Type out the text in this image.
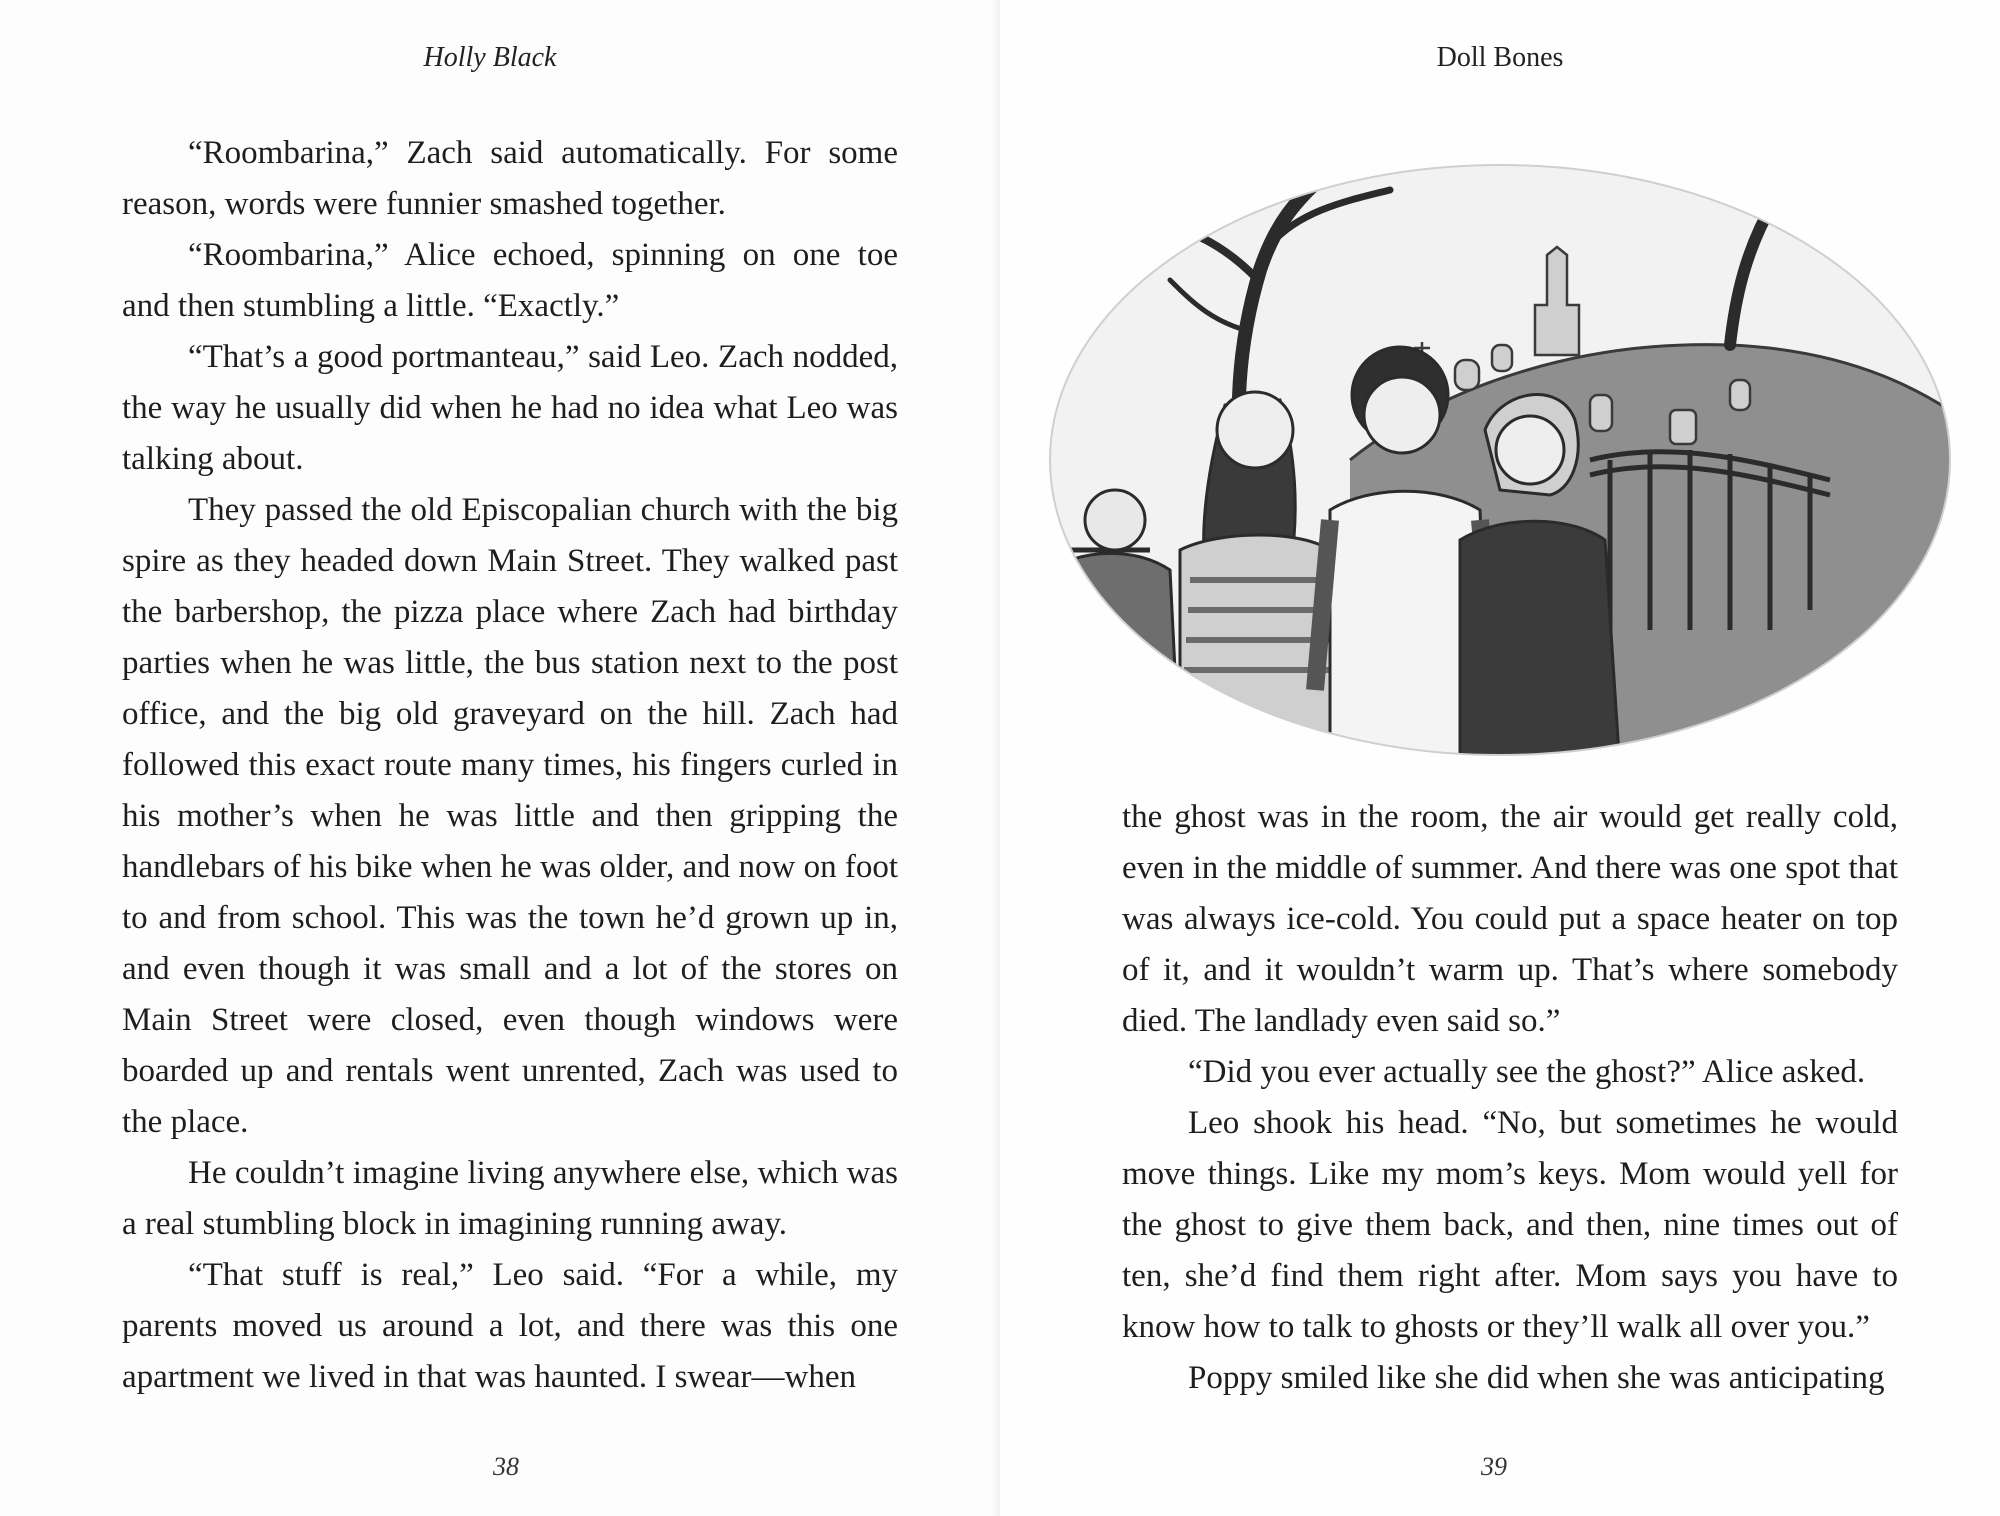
Holly Black

“Roombarina,” Zach said automatically. For some reason, words were funnier smashed together.

“Roombarina,” Alice echoed, spinning on one toe and then stumbling a little. “Exactly.”

“That’s a good portmanteau,” said Leo. Zach nodded, the way he usually did when he had no idea what Leo was talking about.

They passed the old Episcopalian church with the big spire as they headed down Main Street. They walked past the barbershop, the pizza place where Zach had birthday parties when he was little, the bus station next to the post office, and the big old graveyard on the hill. Zach had followed this exact route many times, his fingers curled in his mother’s when he was little and then gripping the handlebars of his bike when he was older, and now on foot to and from school. This was the town he’d grown up in, and even though it was small and a lot of the stores on Main Street were closed, even though windows were boarded up and rentals went unrented, Zach was used to the place.

He couldn’t imagine living anywhere else, which was a real stumbling block in imagining running away.

“That stuff is real,” Leo said. “For a while, my parents moved us around a lot, and there was this one apartment we lived in that was haunted. I swear—when

38
Doll Bones

the ghost was in the room, the air would get really cold, even in the middle of summer. And there was one spot that was always ice-cold. You could put a space heater on top of it, and it wouldn’t warm up. That’s where somebody died. The landlady even said so.”

“Did you ever actually see the ghost?” Alice asked.

Leo shook his head. “No, but sometimes he would move things. Like my mom’s keys. Mom would yell for the ghost to give them back, and then, nine times out of ten, she’d find them right after. Mom says you have to know how to talk to ghosts or they’ll walk all over you.”

Poppy smiled like she did when she was anticipating

39
